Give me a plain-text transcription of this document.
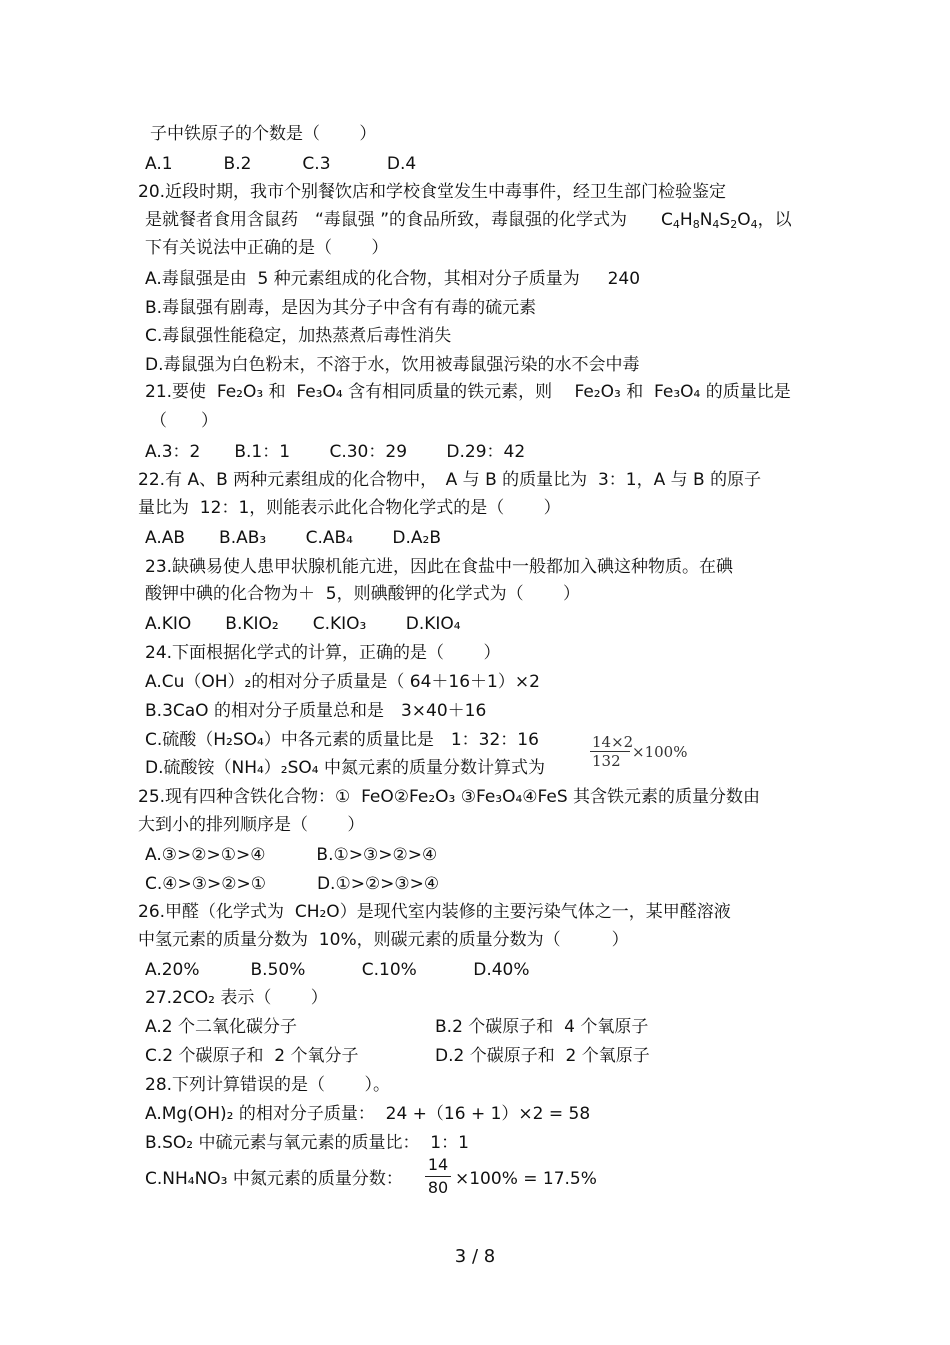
子中铁原子的个数是（　　 ）
A.1　　　B.2　　　C.3　　　 D.4
20.近段时期，我市个别餐饮店和学校食堂发生中毒事件，经卫生部门检验鉴定
是就餐者食用含鼠药　“毒鼠强 ”的食品所致，毒鼠强的化学式为　　$C_4H_8N_4S_2O_4$，以
下有关说法中正确的是（　　 ）
A.毒鼠强是由  5 种元素组成的化合物，其相对分子质量为　  240
B.毒鼠强有剧毒，是因为其分子中含有有毒的硫元素
C.毒鼠强性能稳定，加热蒸煮后毒性消失
D.毒鼠强为白色粉末，不溶于水，饮用被毒鼠强污染的水不会中毒
21.要使  Fe₂O₃ 和  Fe₃O₄ 含有相同质量的铁元素，则　 Fe₂O₃ 和  Fe₃O₄ 的质量比是
（　　）
A.3：2　　B.1：1　　 C.30：29　　 D.29：42
22.有 A、B 两种元素组成的化合物中，　A 与 B 的质量比为  3：1，A 与 B 的原子
量比为  12：1，则能表示此化合物化学式的是（　　 ）
A.AB　　B.AB₃　　 C.AB₄　　 D.A₂B
23.缺碘易使人患甲状腺机能亢进，因此在食盐中一般都加入碘这种物质。在碘
酸钾中碘的化合物为＋  5，则碘酸钾的化学式为（　　 ）
A.KIO　　B.KIO₂　　C.KIO₃　　 D.KIO₄
24.下面根据化学式的计算，正确的是（　　 ）
A.Cu（OH）₂的相对分子质量是（ 64＋16＋1）×2
B.3CaO 的相对分子质量总和是　3×40＋16
C.硫酸（H₂SO₄）中各元素的质量比是　1：32：16
D.硫酸铵（NH₄）₂SO₄ 中氮元素的质量分数计算式为
14×2
132 ×100%
25.现有四种含铁化合物：①  FeO②Fe₂O₃ ③Fe₃O₄④FeS 其含铁元素的质量分数由
大到小的排列顺序是（　　 ）
A.③>②>①>④　　　B.①>③>②>④
C.④>③>②>①　　　D.①>②>③>④
26.甲醛（化学式为  CH₂O）是现代室内装修的主要污染气体之一，某甲醛溶液
中氢元素的质量分数为  10%，则碳元素的质量分数为（　　　）
A.20%　　　B.50%　　　 C.10%　　　 D.40%
27.2CO₂ 表示（　　 ）
A.2 个二氧化碳分子	B.2 个碳原子和  4 个氧原子
C.2 个碳原子和  2 个氧分子	D.2 个碳原子和  2 个氧原子
28.下列计算错误的是（　　 ）。
A.Mg(OH)₂ 的相对分子质量：  24 +（16 + 1）×2 = 58
B.SO₂ 中硫元素与氧元素的质量比：  1：1
C.NH₄NO₃ 中氮元素的质量分数：
14
80 ×100% = 17.5%
3 / 8
